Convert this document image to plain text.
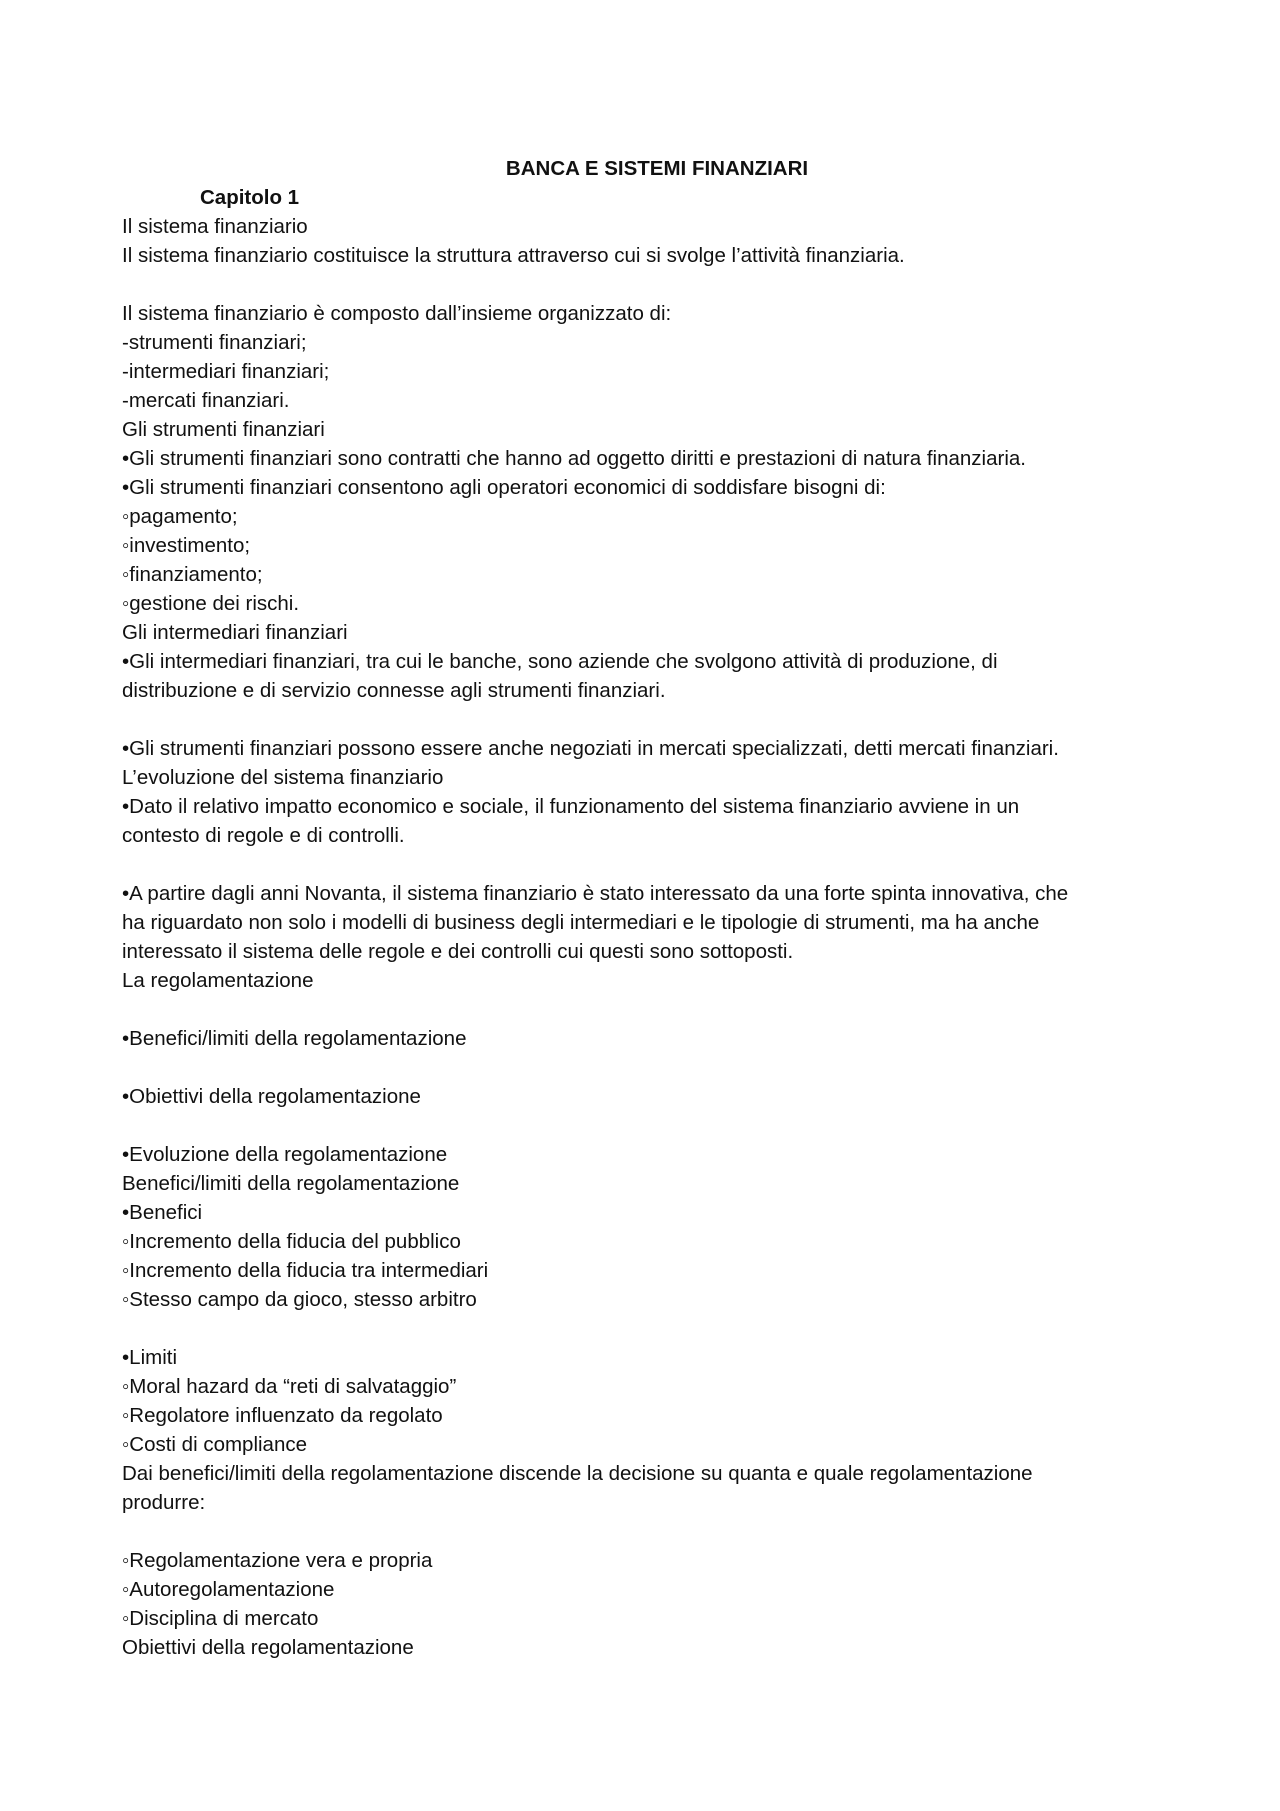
BANCA E SISTEMI FINANZIARI
Capitolo 1
Il sistema finanziario
Il sistema finanziario costituisce la struttura attraverso cui si svolge l’attività finanziaria.
Il sistema finanziario è composto dall’insieme organizzato di:
-strumenti finanziari;
-intermediari finanziari;
-mercati finanziari.
Gli strumenti finanziari
•Gli strumenti finanziari sono contratti che hanno ad oggetto diritti e prestazioni di natura finanziaria.
•Gli strumenti finanziari consentono agli operatori economici di soddisfare bisogni di:
◦pagamento;
◦investimento;
◦finanziamento;
◦gestione dei rischi.
Gli intermediari finanziari
•Gli intermediari finanziari, tra cui le banche, sono aziende che svolgono attività di produzione, di
distribuzione e di servizio connesse agli strumenti finanziari.
•Gli strumenti finanziari possono essere anche negoziati in mercati specializzati, detti mercati finanziari.
L’evoluzione del sistema finanziario
•Dato il relativo impatto economico e sociale, il funzionamento del sistema finanziario avviene in un
contesto di regole e di controlli.
•A partire dagli anni Novanta, il sistema finanziario è stato interessato da una forte spinta innovativa, che
ha riguardato non solo i modelli di business degli intermediari e le tipologie di strumenti, ma ha anche
interessato il sistema delle regole e dei controlli cui questi sono sottoposti.
La regolamentazione
•Benefici/limiti della regolamentazione
•Obiettivi della regolamentazione
•Evoluzione della regolamentazione
Benefici/limiti della regolamentazione
•Benefici
◦Incremento della fiducia del pubblico
◦Incremento della fiducia tra intermediari
◦Stesso campo da gioco, stesso arbitro
•Limiti
◦Moral hazard da “reti di salvataggio”
◦Regolatore influenzato da regolato
◦Costi di compliance
Dai benefici/limiti della regolamentazione discende la decisione su quanta e quale regolamentazione
produrre:
◦Regolamentazione vera e propria
◦Autoregolamentazione
◦Disciplina di mercato
Obiettivi della regolamentazione
